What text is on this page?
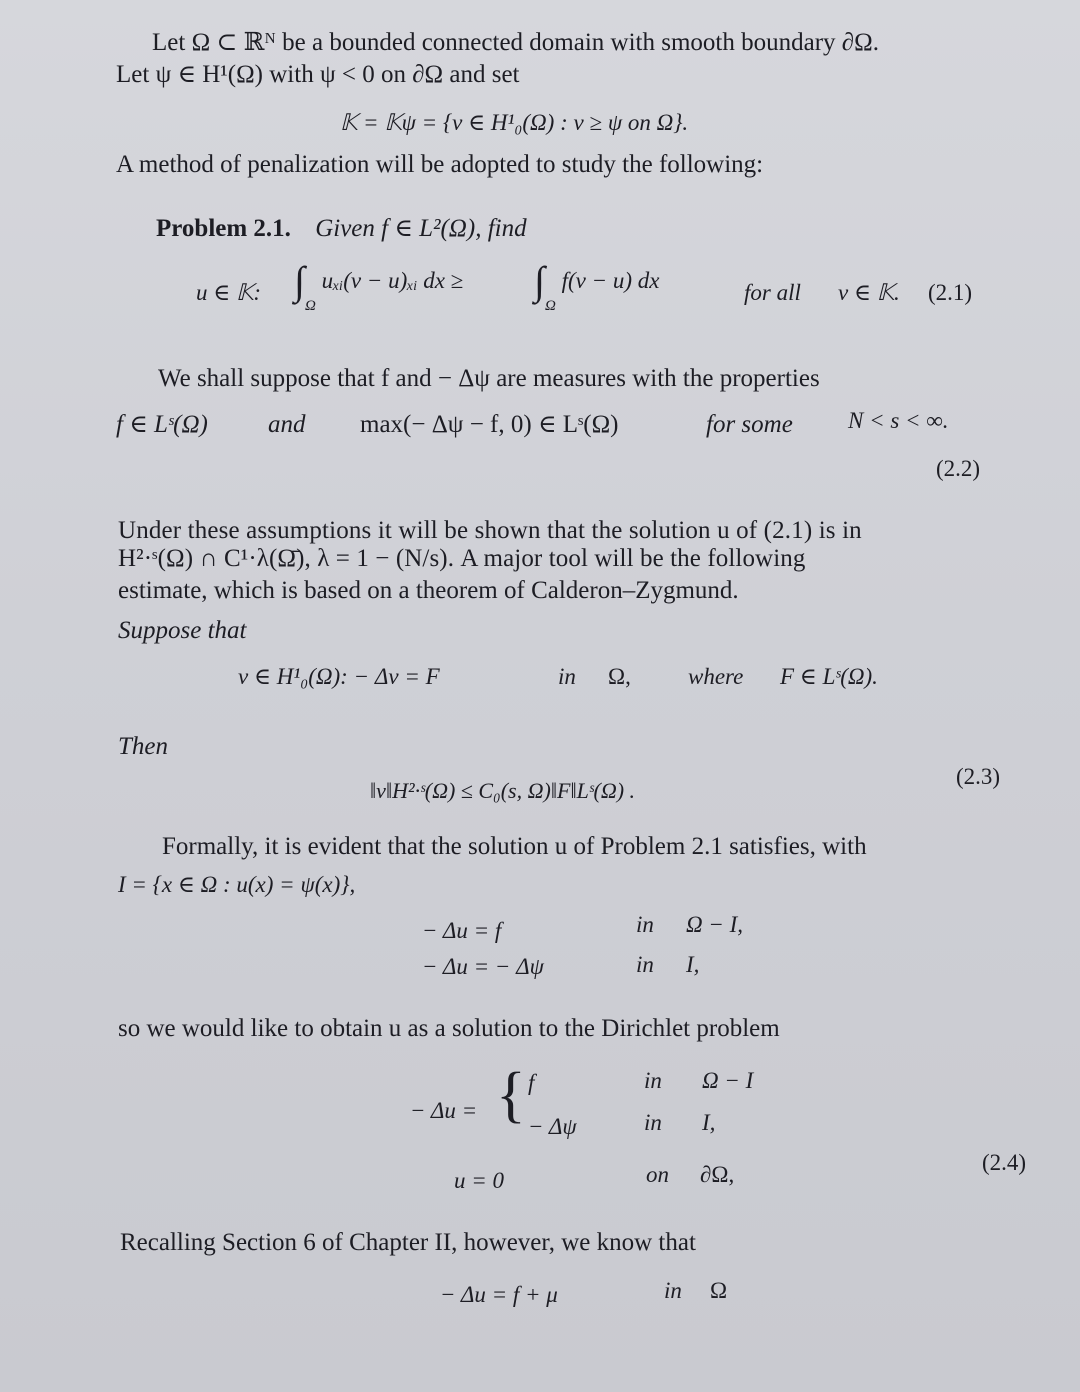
Let Ω ⊂ ℝᴺ be a bounded connected domain with smooth boundary ∂Ω.
Let ψ ∈ H¹(Ω) with ψ < 0 on ∂Ω and set
𝕂 = 𝕂ψ = {v ∈ H¹₀(Ω) : v ≥ ψ on Ω}.
A method of penalization will be adopted to study the following:
Problem 2.1. Given f ∈ L²(Ω), find
u ∈ 𝕂: $\int_\Omega$ uₓᵢ(v − u)ₓᵢ dx ≥ $\int_\Omega$ f(v − u) dx	for all v ∈ 𝕂. (2.1)
We shall suppose that f and − Δψ are measures with the properties
f ∈ Lˢ(Ω) and max(− Δψ − f, 0) ∈ Lˢ(Ω)	for some N < s < ∞.
(2.2)
Under these assumptions it will be shown that the solution u of (2.1) is in
H²·ˢ(Ω) ∩ C¹·λ(Ω̄), λ = 1 − (N/s). A major tool will be the following
estimate, which is based on a theorem of Calderon–Zygmund.
Suppose that
v ∈ H¹₀(Ω): − Δv = F	in Ω, where F ∈ Lˢ(Ω).
Then
‖v‖H²·ˢ(Ω) ≤ C₀(s, Ω)‖F‖Lˢ(Ω) .
(2.3)
Formally, it is evident that the solution u of Problem 2.1 satisfies, with
I = {x ∈ Ω : u(x) = ψ(x)},
− Δu = f	in Ω − I,
− Δu = − Δψ	in I,
so we would like to obtain u as a solution to the Dirichlet problem
− Δu = { f	in Ω − I
− Δψ	in I,
u = 0	on ∂Ω,	(2.4)
Recalling Section 6 of Chapter II, however, we know that
− Δu = f + μ	in Ω
